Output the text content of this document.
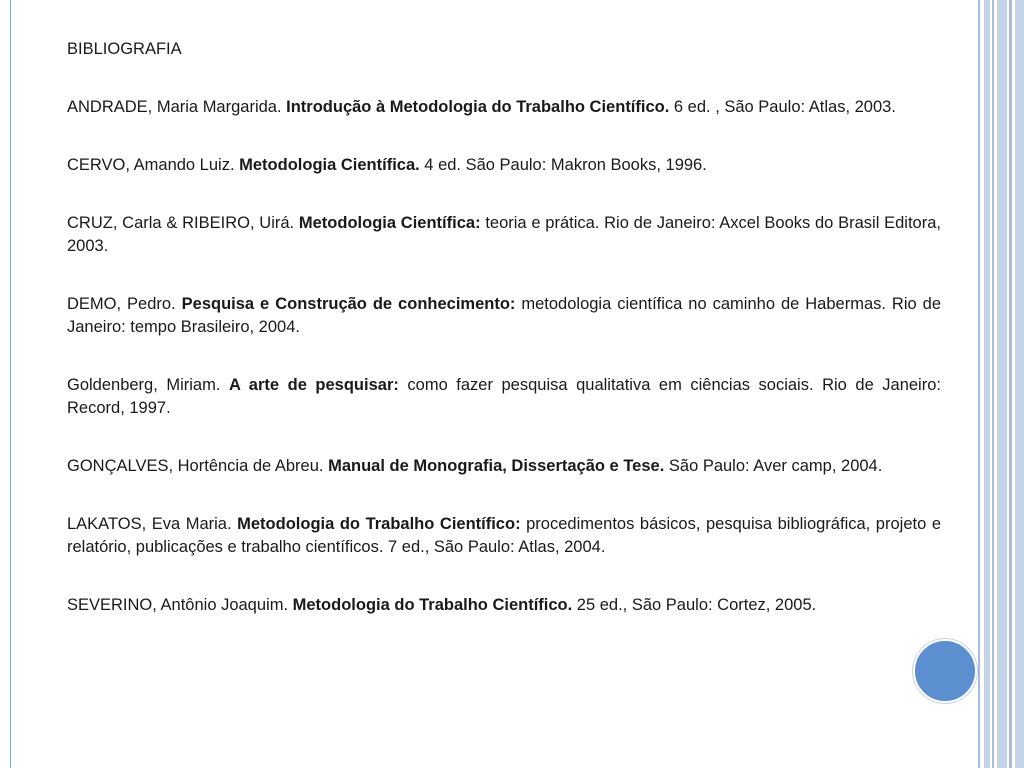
BIBLIOGRAFIA

ANDRADE, Maria Margarida. Introdução à Metodologia do Trabalho Científico. 6 ed. , São Paulo: Atlas, 2003.

CERVO, Amando Luiz. Metodologia Científica. 4 ed. São Paulo: Makron Books, 1996.

CRUZ, Carla & RIBEIRO, Uirá. Metodologia Científica: teoria e prática. Rio de Janeiro: Axcel Books do Brasil Editora, 2003.

DEMO, Pedro. Pesquisa e Construção de conhecimento: metodologia científica no caminho de Habermas. Rio de Janeiro: tempo Brasileiro, 2004.

Goldenberg, Miriam. A arte de pesquisar: como fazer pesquisa qualitativa em ciências sociais. Rio de Janeiro: Record, 1997.

GONÇALVES, Hortência de Abreu. Manual de Monografia, Dissertação e Tese. São Paulo: Aver camp, 2004.

LAKATOS, Eva Maria. Metodologia do Trabalho Científico: procedimentos básicos, pesquisa bibliográfica, projeto e relatório, publicações e trabalho científicos. 7 ed., São Paulo: Atlas, 2004.

SEVERINO, Antônio Joaquim. Metodologia do Trabalho Científico. 25 ed., São Paulo: Cortez, 2005.
